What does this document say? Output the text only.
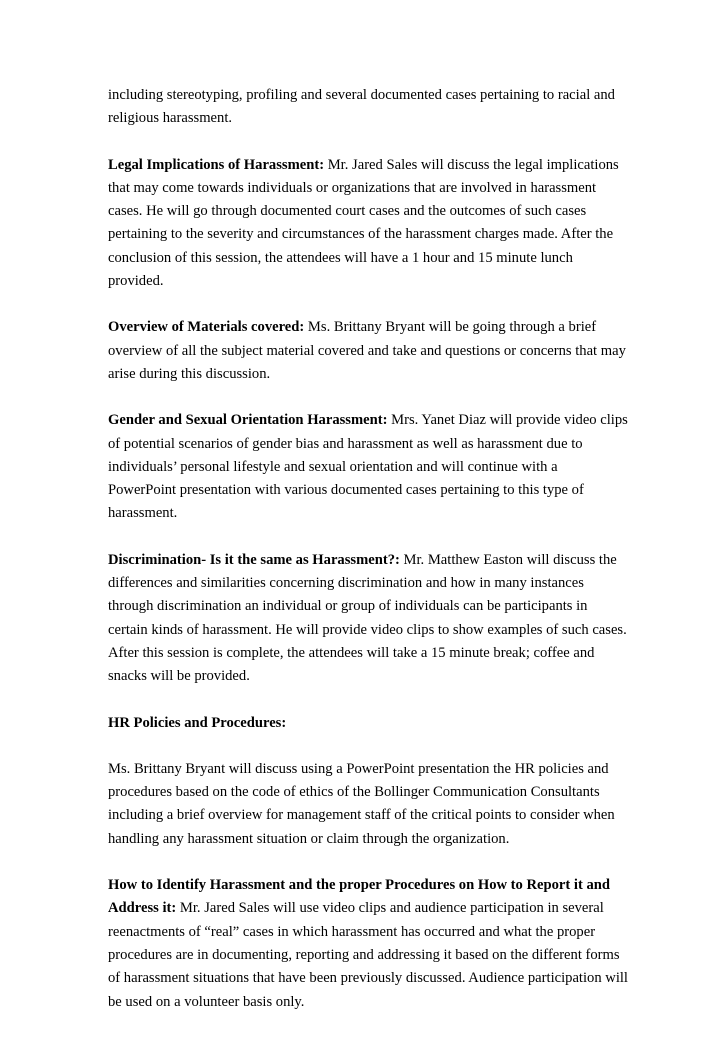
including stereotyping, profiling and several documented cases pertaining to racial and religious harassment.

Legal Implications of Harassment: Mr. Jared Sales will discuss the legal implications that may come towards individuals or organizations that are involved in harassment cases. He will go through documented court cases and the outcomes of such cases pertaining to the severity and circumstances of the harassment charges made. After the conclusion of this session, the attendees will have a 1 hour and 15 minute lunch provided.

Overview of Materials covered: Ms. Brittany Bryant will be going through a brief overview of all the subject material covered and take and questions or concerns that may arise during this discussion.

Gender and Sexual Orientation Harassment: Mrs. Yanet Diaz will provide video clips of potential scenarios of gender bias and harassment as well as harassment due to individuals’ personal lifestyle and sexual orientation and will continue with a PowerPoint presentation with various documented cases pertaining to this type of harassment.

Discrimination- Is it the same as Harassment?: Mr. Matthew Easton will discuss the differences and similarities concerning discrimination and how in many instances through discrimination an individual or group of individuals can be participants in certain kinds of harassment. He will provide video clips to show examples of such cases. After this session is complete, the attendees will take a 15 minute break; coffee and snacks will be provided.

HR Policies and Procedures:

Ms. Brittany Bryant will discuss using a PowerPoint presentation the HR policies and procedures based on the code of ethics of the Bollinger Communication Consultants including a brief overview for management staff of the critical points to consider when handling any harassment situation or claim through the organization.

How to Identify Harassment and the proper Procedures on How to Report it and Address it: Mr. Jared Sales will use video clips and audience participation in several reenactments of “real” cases in which harassment has occurred and what the proper procedures are in documenting, reporting and addressing it based on the different forms of harassment situations that have been previously discussed. Audience participation will be used on a volunteer basis only.
